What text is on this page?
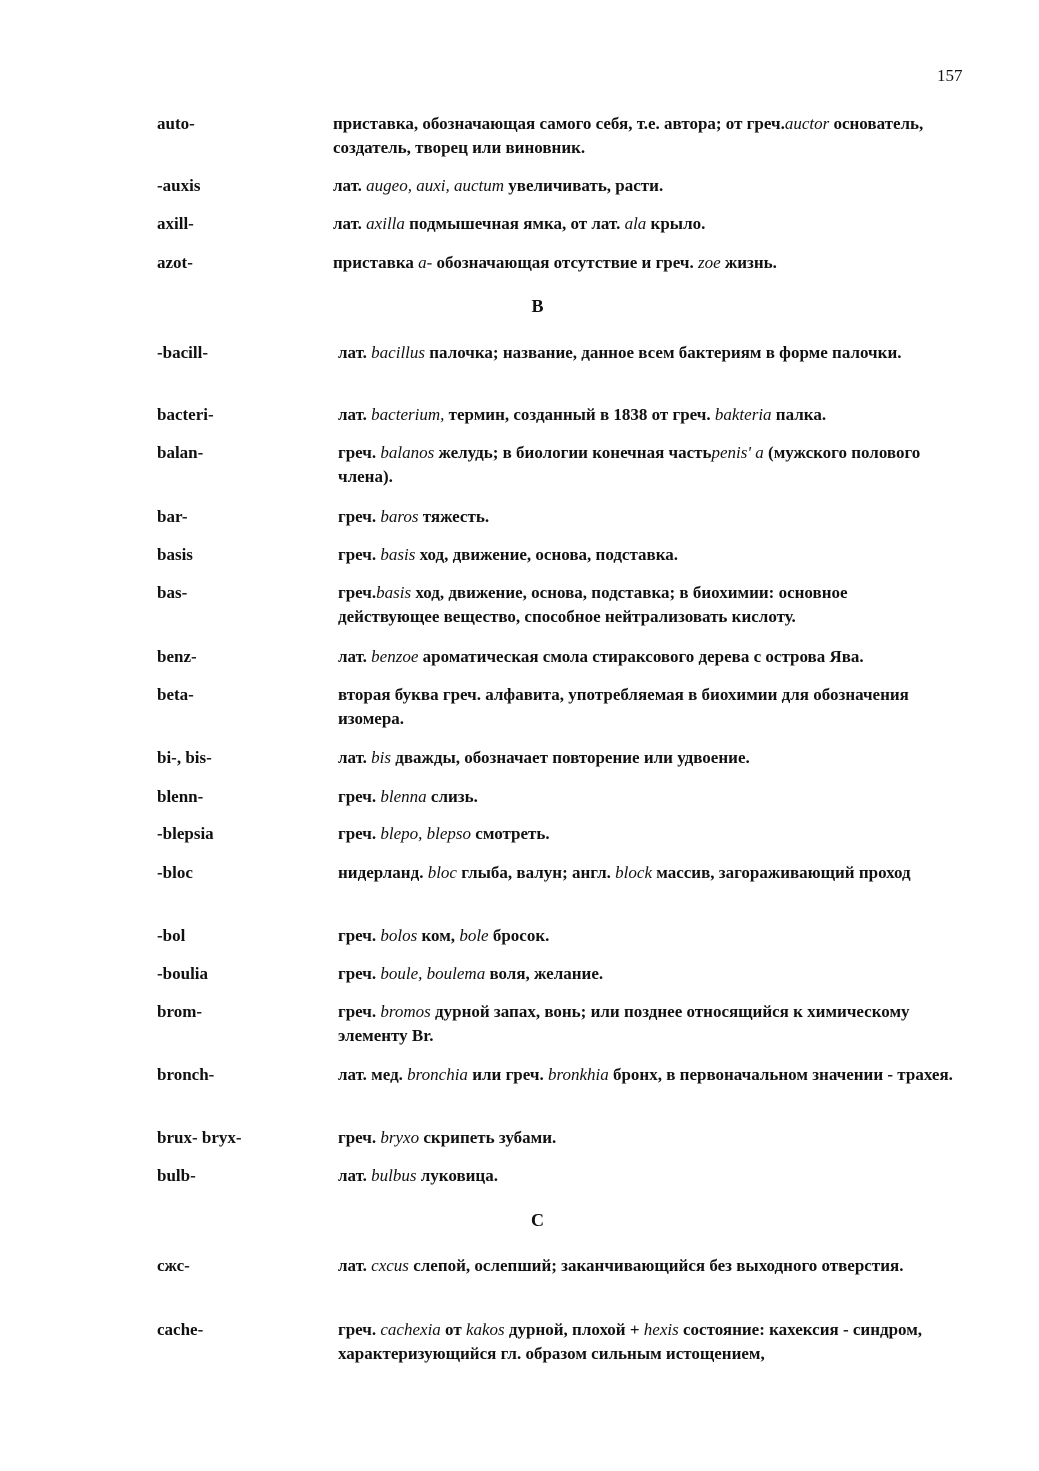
157
auto-	приставка, обозначающая самого себя, т.е. автора; от греч.auctor основатель, создатель, творец или виновник.
-auxis	лат. augeo, auxi, auctum увеличивать, расти.
axill-	лат. axilla подмышечная ямка, от лат. ala крыло.
azot-	приставка a- обозначающая отсутствие и греч. zoe жизнь.
B
-bacill-	лат. bacillus палочка; название, данное всем бактериям в форме палочки.
bacteri-	лат. bacterium, термин, созданный в 1838 от греч. bakteria палка.
balan-	греч. balanos желудь; в биологии конечная частьpenis' a (мужского полового члена).
bar-	греч. baros тяжесть.
basis	греч. basis ход, движение, основа, подставка.
bas-	греч.basis ход, движение, основа, подставка; в биохимии: основное действующее вещество, способное нейтрализовать кислоту.
benz-	лат. benzoe ароматическая смола стираксового дерева с острова Ява.
beta-	вторая буква греч. алфавита, употребляемая в биохимии для обозначения изомера.
bi-, bis-	лат. bis дважды, обозначает повторение или удвоение.
blenn-	греч. blenna слизь.
-blepsia	греч. blepo, blepso смотреть.
-bloc	нидерланд. bloc глыба, валун; англ. block массив, загораживающий проход
-bol	греч. bolos ком, bole бросок.
-boulia	греч. boule, boulema воля, желание.
brom-	греч. bromos дурной запах, вонь; или позднее относящийся к химическому элементу Br.
bronch-	лат. мед. bronchia или греч. bronkhia бронх, в первоначальном значении - трахея.
brux- bryx-	греч. bryxo скрипеть зубами.
bulb-	лат. bulbus луковица.
C
сжс-	лат. cxcus слепой, ослепший; заканчивающийся без выходного отверстия.
cache-	греч. cachexia от kakos дурной, плохой + hexis состояние: кахексия - синдром, характеризующийся гл. образом сильным истощением,
